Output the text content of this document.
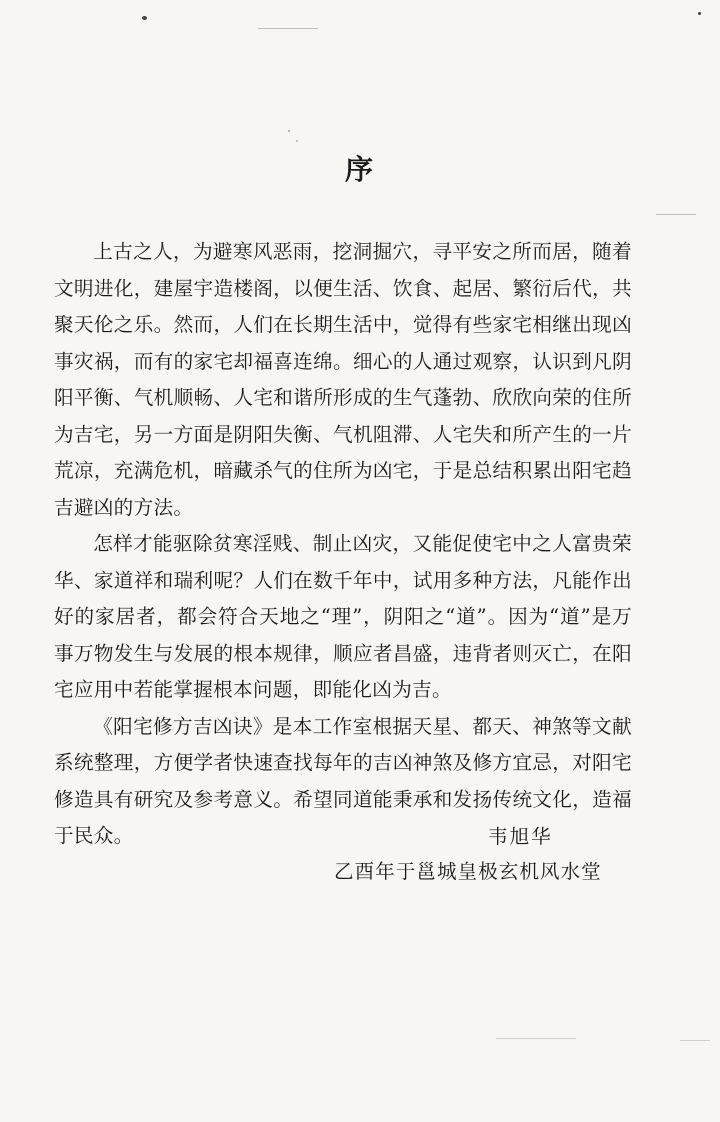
序

上古之人，为避寒风恶雨，挖洞掘穴，寻平安之所而居，随着文明进化，建屋宇造楼阁，以便生活、饮食、起居、繁衍后代，共聚天伦之乐。然而，人们在长期生活中，觉得有些家宅相继出现凶事灾祸，而有的家宅却福喜连绵。细心的人通过观察，认识到凡阴阳平衡、气机顺畅、人宅和谐所形成的生气蓬勃、欣欣向荣的住所为吉宅，另一方面是阴阳失衡、气机阻滞、人宅失和所产生的一片荒凉，充满危机，暗藏杀气的住所为凶宅，于是总结积累出阳宅趋吉避凶的方法。

怎样才能驱除贫寒淫贱、制止凶灾，又能促使宅中之人富贵荣华、家道祥和瑞利呢？人们在数千年中，试用多种方法，凡能作出好的家居者，都会符合天地之“理”，阴阳之“道”。因为“道”是万事万物发生与发展的根本规律，顺应者昌盛，违背者则灭亡，在阳宅应用中若能掌握根本问题，即能化凶为吉。

《阳宅修方吉凶诀》是本工作室根据天星、都天、神煞等文献系统整理，方便学者快速查找每年的吉凶神煞及修方宜忌，对阳宅修造具有研究及参考意义。希望同道能秉承和发扬传统文化，造福于民众。	韦旭华
乙酉年于邕城皇极玄机风水堂
